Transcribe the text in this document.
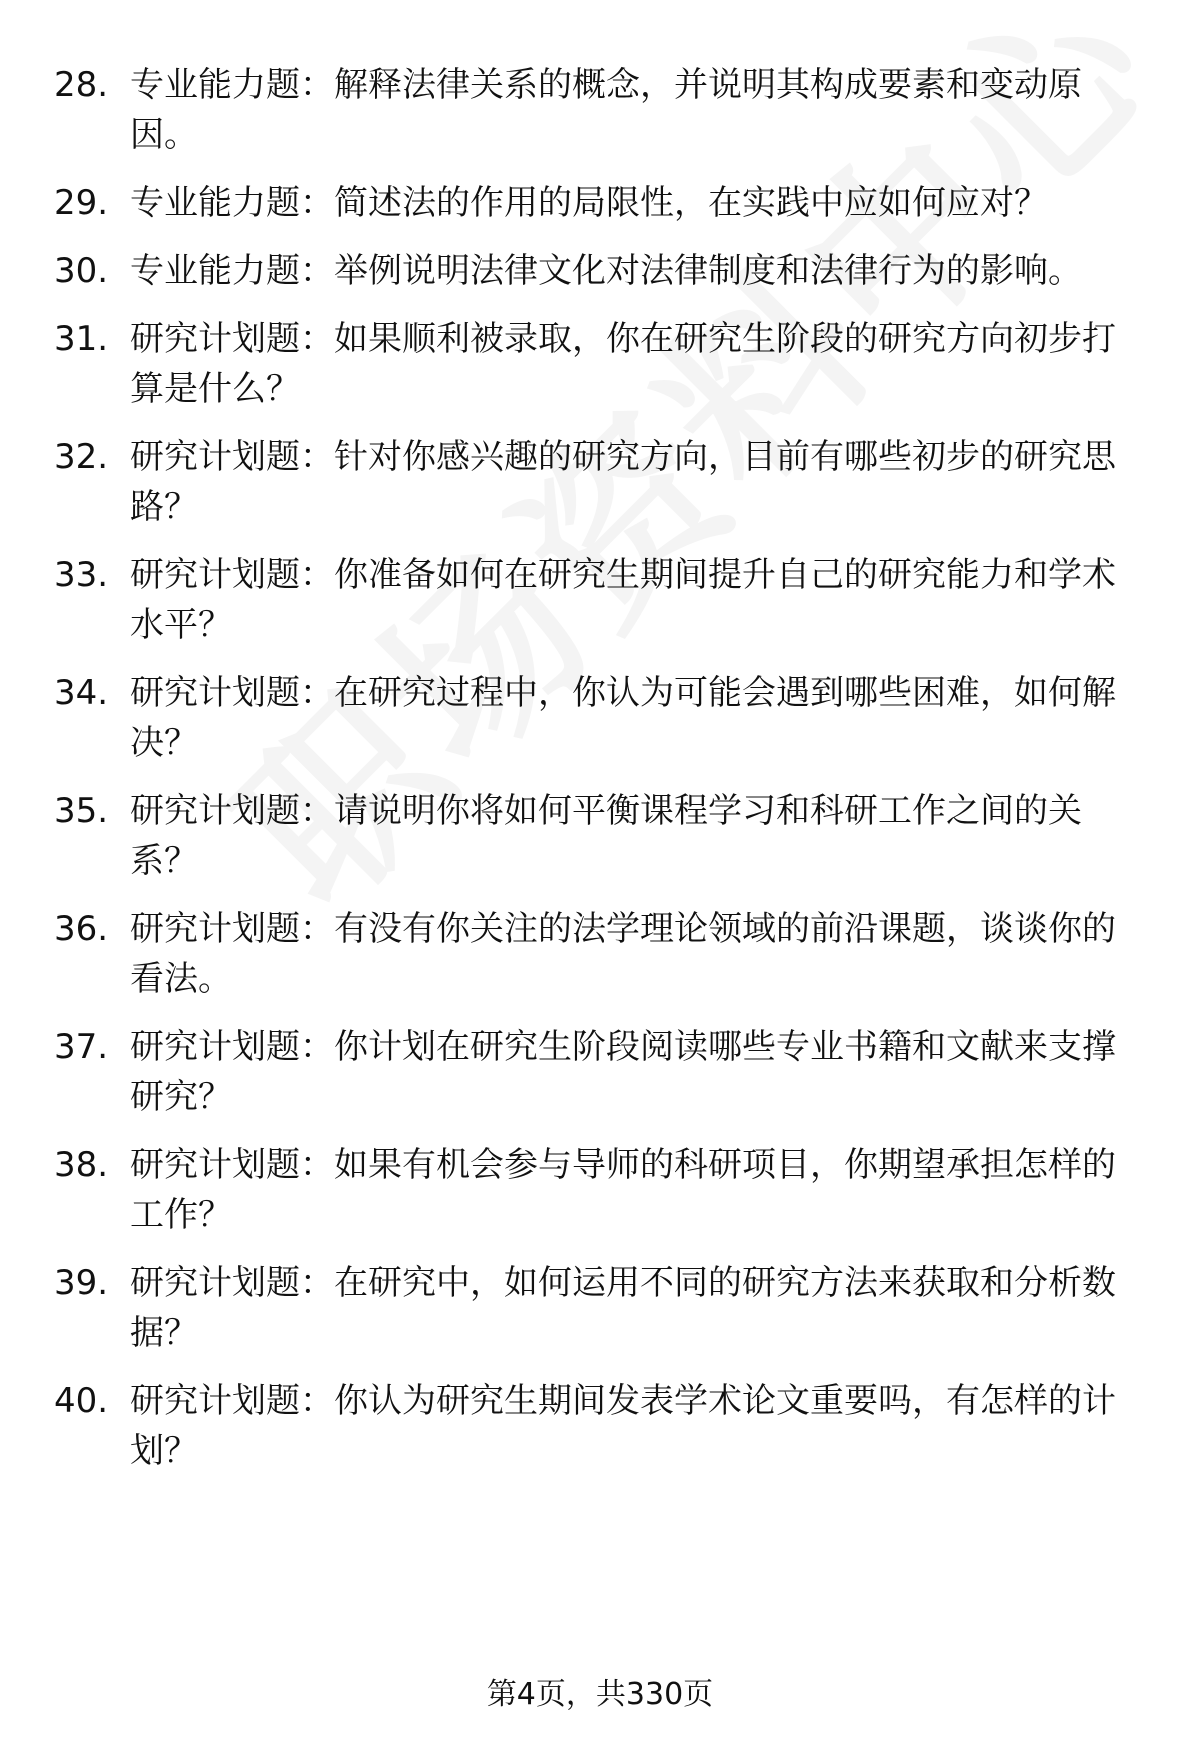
28. 专业能力题：解释法律关系的概念，并说明其构成要素和变动原因。
29. 专业能力题：简述法的作用的局限性，在实践中应如何应对？
30. 专业能力题：举例说明法律文化对法律制度和法律行为的影响。
31. 研究计划题：如果顺利被录取，你在研究生阶段的研究方向初步打算是什么？
32. 研究计划题：针对你感兴趣的研究方向，目前有哪些初步的研究思路？
33. 研究计划题：你准备如何在研究生期间提升自己的研究能力和学术水平？
34. 研究计划题：在研究过程中，你认为可能会遇到哪些困难，如何解决？
35. 研究计划题：请说明你将如何平衡课程学习和科研工作之间的关系？
36. 研究计划题：有没有你关注的法学理论领域的前沿课题，谈谈你的看法。
37. 研究计划题：你计划在研究生阶段阅读哪些专业书籍和文献来支撑研究？
38. 研究计划题：如果有机会参与导师的科研项目，你期望承担怎样的工作？
39. 研究计划题：在研究中，如何运用不同的研究方法来获取和分析数据？
40. 研究计划题：你认为研究生期间发表学术论文重要吗，有怎样的计划？
第4页，共330页
